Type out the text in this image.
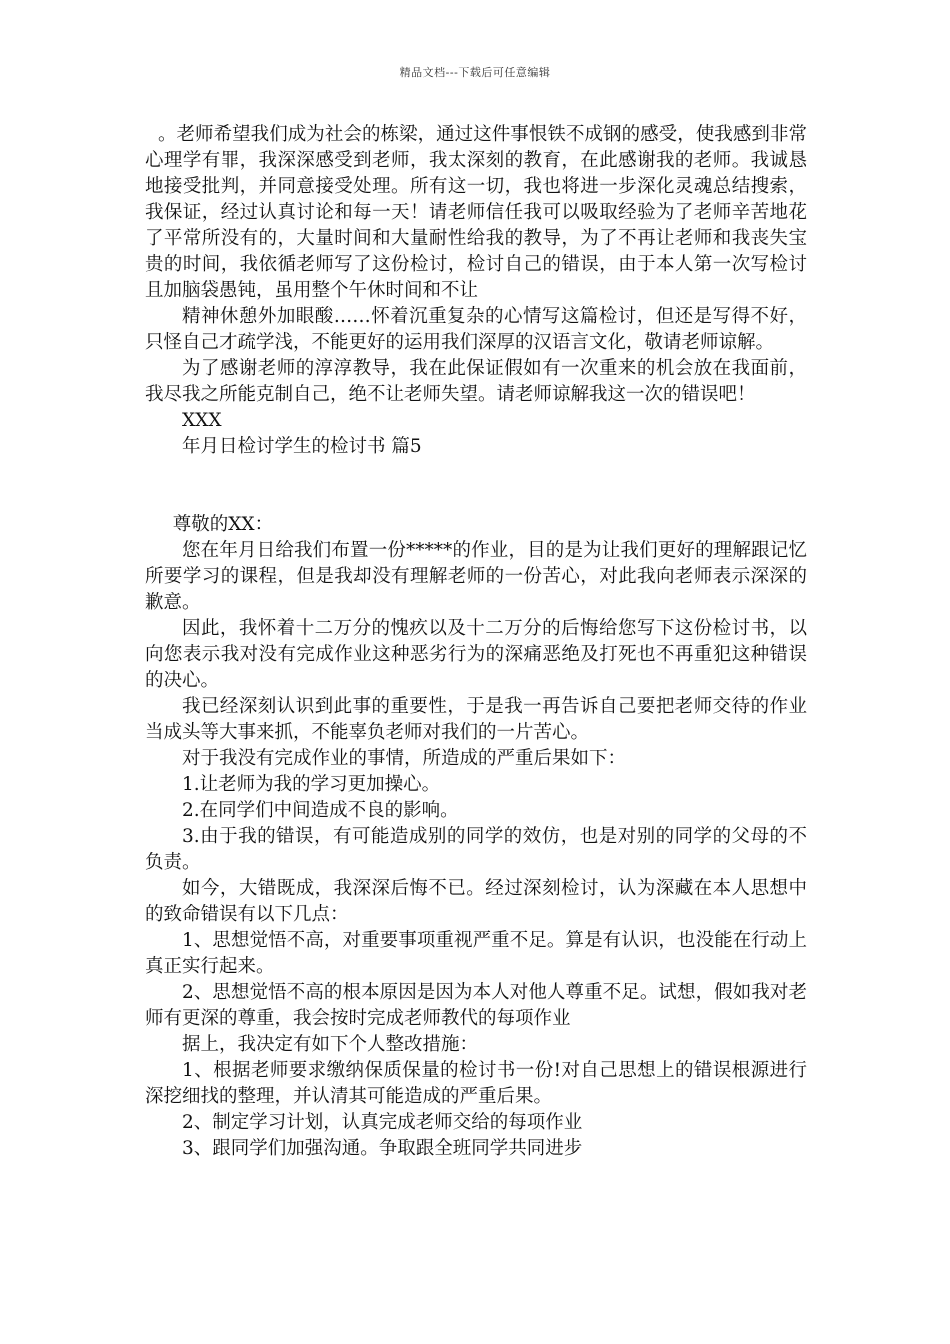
精品文档---下载后可任意编辑

。老师希望我们成为社会的栋梁，通过这件事恨铁不成钢的感受，使我感到非常心理学有罪，我深深感受到老师，我太深刻的教育，在此感谢我的老师。我诚恳地接受批判，并同意接受处理。所有这一切，我也将进一步深化灵魂总结搜索，我保证，经过认真讨论和每一天！请老师信任我可以吸取经验为了老师辛苦地花了平常所没有的，大量时间和大量耐性给我的教导，为了不再让老师和我丧失宝贵的时间，我依循老师写了这份检讨，检讨自己的错误，由于本人第一次写检讨且加脑袋愚钝，虽用整个午休时间和不让

精神休憩外加眼酸……怀着沉重复杂的心情写这篇检讨，但还是写得不好，只怪自己才疏学浅，不能更好的运用我们深厚的汉语言文化，敬请老师谅解。

为了感谢老师的淳淳教导，我在此保证假如有一次重来的机会放在我面前，我尽我之所能克制自己，绝不让老师失望。请老师谅解我这一次的错误吧！

XXX

年月日检讨学生的检讨书 篇5

尊敬的XX：

您在年月日给我们布置一份*****的作业，目的是为让我们更好的理解跟记忆所要学习的课程，但是我却没有理解老师的一份苦心，对此我向老师表示深深的歉意。

因此，我怀着十二万分的愧疚以及十二万分的后悔给您写下这份检讨书，以向您表示我对没有完成作业这种恶劣行为的深痛恶绝及打死也不再重犯这种错误的决心。

我已经深刻认识到此事的重要性，于是我一再告诉自己要把老师交待的作业当成头等大事来抓，不能辜负老师对我们的一片苦心。

对于我没有完成作业的事情，所造成的严重后果如下：

1.让老师为我的学习更加操心。

2.在同学们中间造成不良的影响。

3.由于我的错误，有可能造成别的同学的效仿，也是对别的同学的父母的不负责。

如今，大错既成，我深深后悔不已。经过深刻检讨，认为深藏在本人思想中的致命错误有以下几点：

1、思想觉悟不高，对重要事项重视严重不足。算是有认识，也没能在行动上真正实行起来。

2、思想觉悟不高的根本原因是因为本人对他人尊重不足。试想，假如我对老师有更深的尊重，我会按时完成老师教代的每项作业

据上，我决定有如下个人整改措施：

1、根据老师要求缴纳保质保量的检讨书一份!对自己思想上的错误根源进行深挖细找的整理，并认清其可能造成的严重后果。

2、制定学习计划，认真完成老师交给的每项作业

3、跟同学们加强沟通。争取跟全班同学共同进步
